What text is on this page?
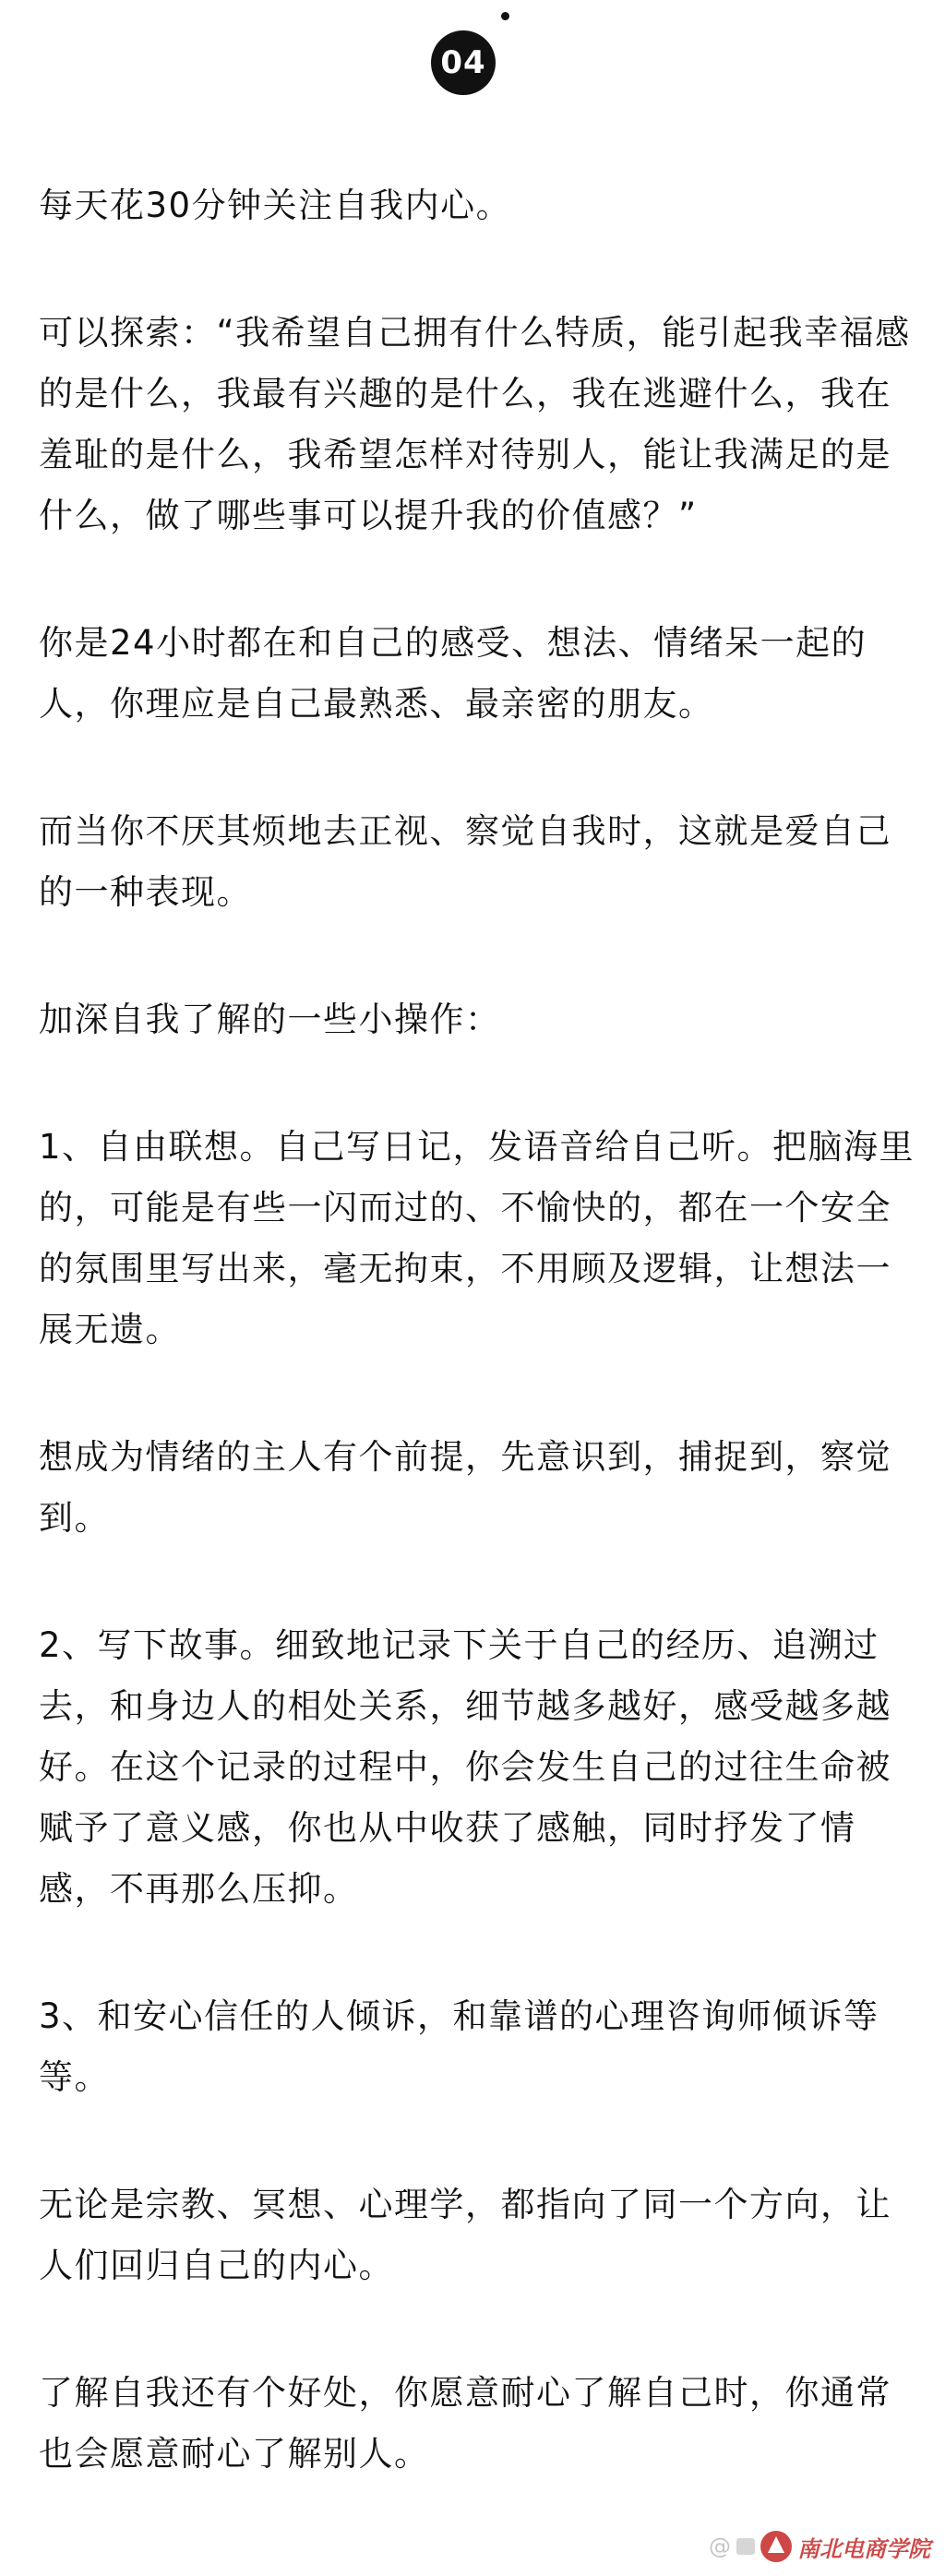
04

每天花30分钟关注自我内心。

可以探索：“我希望自己拥有什么特质，能引起我幸福感的是什么，我最有兴趣的是什么，我在逃避什么，我在羞耻的是什么，我希望怎样对待别人，能让我满足的是什么，做了哪些事可以提升我的价值感？”

你是24小时都在和自己的感受、想法、情绪呆一起的人，你理应是自己最熟悉、最亲密的朋友。

而当你不厌其烦地去正视、察觉自我时，这就是爱自己的一种表现。

加深自我了解的一些小操作：

1、自由联想。自己写日记，发语音给自己听。把脑海里的，可能是有些一闪而过的、不愉快的，都在一个安全的氛围里写出来，毫无拘束，不用顾及逻辑，让想法一展无遗。

想成为情绪的主人有个前提，先意识到，捕捉到，察觉到。

2、写下故事。细致地记录下关于自己的经历、追溯过去，和身边人的相处关系，细节越多越好，感受越多越好。在这个记录的过程中，你会发生自己的过往生命被赋予了意义感，你也从中收获了感触，同时抒发了情感，不再那么压抑。

3、和安心信任的人倾诉，和靠谱的心理咨询师倾诉等等。

无论是宗教、冥想、心理学，都指向了同一个方向，让人们回归自己的内心。

了解自我还有个好处，你愿意耐心了解自己时，你通常也会愿意耐心了解别人。

@	南北电商学院
